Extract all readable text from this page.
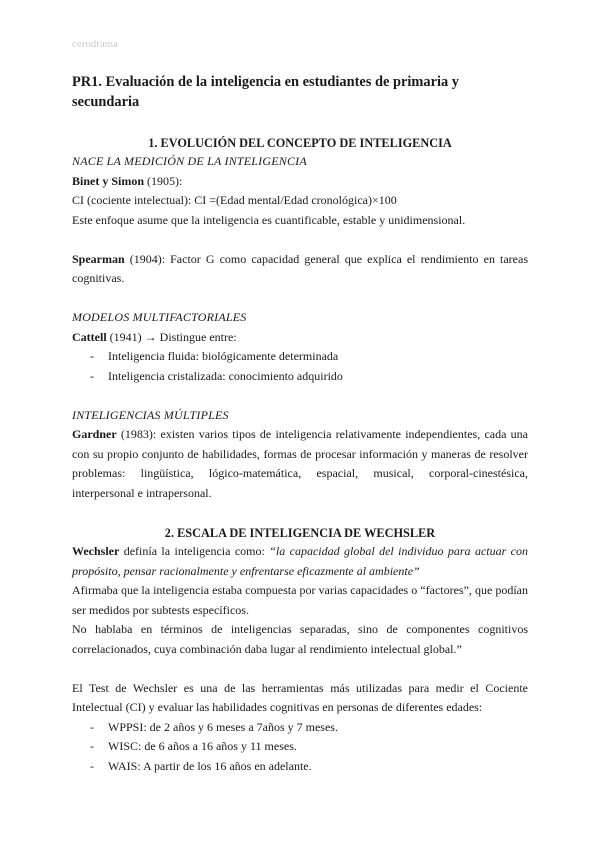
cerodrama
PR1. Evaluación de la inteligencia en estudiantes de primaria y secundaria
1. EVOLUCIÓN DEL CONCEPTO DE INTELIGENCIA

NACE LA MEDICIÓN DE LA INTELIGENCIA

Binet y Simon (1905):

CI (cociente intelectual): CI =(Edad mental/Edad cronológica)×100

Este enfoque asume que la inteligencia es cuantificable, estable y unidimensional.

Spearman (1904): Factor G como capacidad general que explica el rendimiento en tareas cognitivas.

MODELOS MULTIFACTORIALES

Cattell (1941) → Distingue entre:

- Inteligencia fluida: biológicamente determinada
- Inteligencia cristalizada: conocimiento adquirido

INTELIGENCIAS MÚLTIPLES

Gardner (1983): existen varios tipos de inteligencia relativamente independientes, cada una con su propio conjunto de habilidades, formas de procesar información y maneras de resolver problemas: lingüística, lógico-matemática, espacial, musical, corporal-cinestésica, interpersonal e intrapersonal.

2. ESCALA DE INTELIGENCIA DE WECHSLER

Wechsler definía la inteligencia como: “la capacidad global del individuo para actuar con propósito, pensar racionalmente y enfrentarse eficazmente al ambiente”

Afirmaba que la inteligencia estaba compuesta por varias capacidades o “factores”, que podían ser medidos por subtests específicos.

No hablaba en términos de inteligencias separadas, sino de componentes cognitivos correlacionados, cuya combinación daba lugar al rendimiento intelectual global.”

El Test de Wechsler es una de las herramientas más utilizadas para medir el Cociente Intelectual (CI) y evaluar las habilidades cognitivas en personas de diferentes edades:

- WPPSI: de 2 años y 6 meses a 7años y 7 meses.
- WISC: de 6 años a 16 años y 11 meses.
- WAIS: A partir de los 16 años en adelante.
